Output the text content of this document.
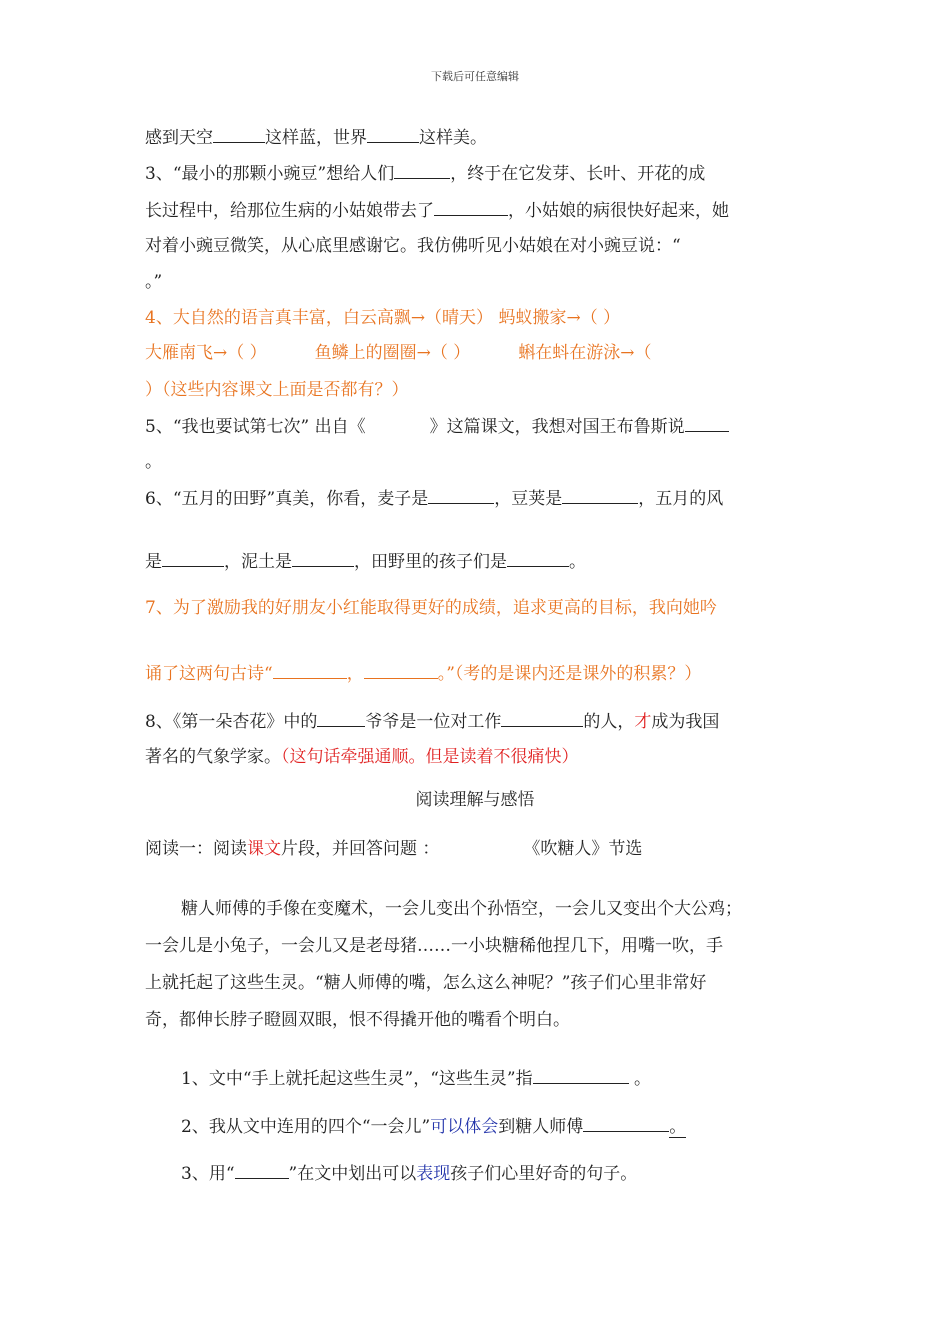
下载后可任意编辑
感到天空	这样蓝，世界	这样美。
3、“最小的那颗小豌豆”想给人们	，终于在它发芽、长叶、开花的成
长过程中，给那位生病的小姑娘带去了	，小姑娘的病很快好起来，她
对着小豌豆微笑，从心底里感谢它。我仿佛听见小姑娘在对小豌豆说：“
。”
4、大自然的语言真丰富，白云高飘→（晴天） 蚂蚁搬家→（ ）
大雁南飞→（ ）	鱼鳞上的圈圈→（ ）	蝌在蚪在游泳→（
）（这些内容课文上面是否都有？）
5、“我也要试第七次” 出自《	》这篇课文，我想对国王布鲁斯说
。
6、“五月的田野”真美，你看，麦子是	，豆荚是	，五月的风
是	，泥土是	，田野里的孩子们是	。
7、为了激励我的好朋友小红能取得更好的成绩，追求更高的目标，我向她吟
诵了这两句古诗“	，	。”（考的是课内还是课外的积累？）
8、《第一朵杏花》中的	爷爷是一位对工作	的人，才成为我国
著名的气象学家。（这句话牵强通顺。但是读着不很痛快）
阅读理解与感悟
阅读一：阅读课文片段，并回答问题 ：	《吹糖人》节选
糖人师傅的手像在变魔术，一会儿变出个孙悟空，一会儿又变出个大公鸡；
一会儿是小兔子，一会儿又是老母猪……一小块糖稀他捏几下，用嘴一吹，手
上就托起了这些生灵。“糖人师傅的嘴，怎么这么神呢？”孩子们心里非常好
奇，都伸长脖子瞪圆双眼，恨不得撬开他的嘴看个明白。
1、文中“手上就托起这些生灵”，“这些生灵”指	。
2、我从文中连用的四个“一会儿”可以体会到糖人师傅	。
3、用“	”在文中划出可以表现孩子们心里好奇的句子。
